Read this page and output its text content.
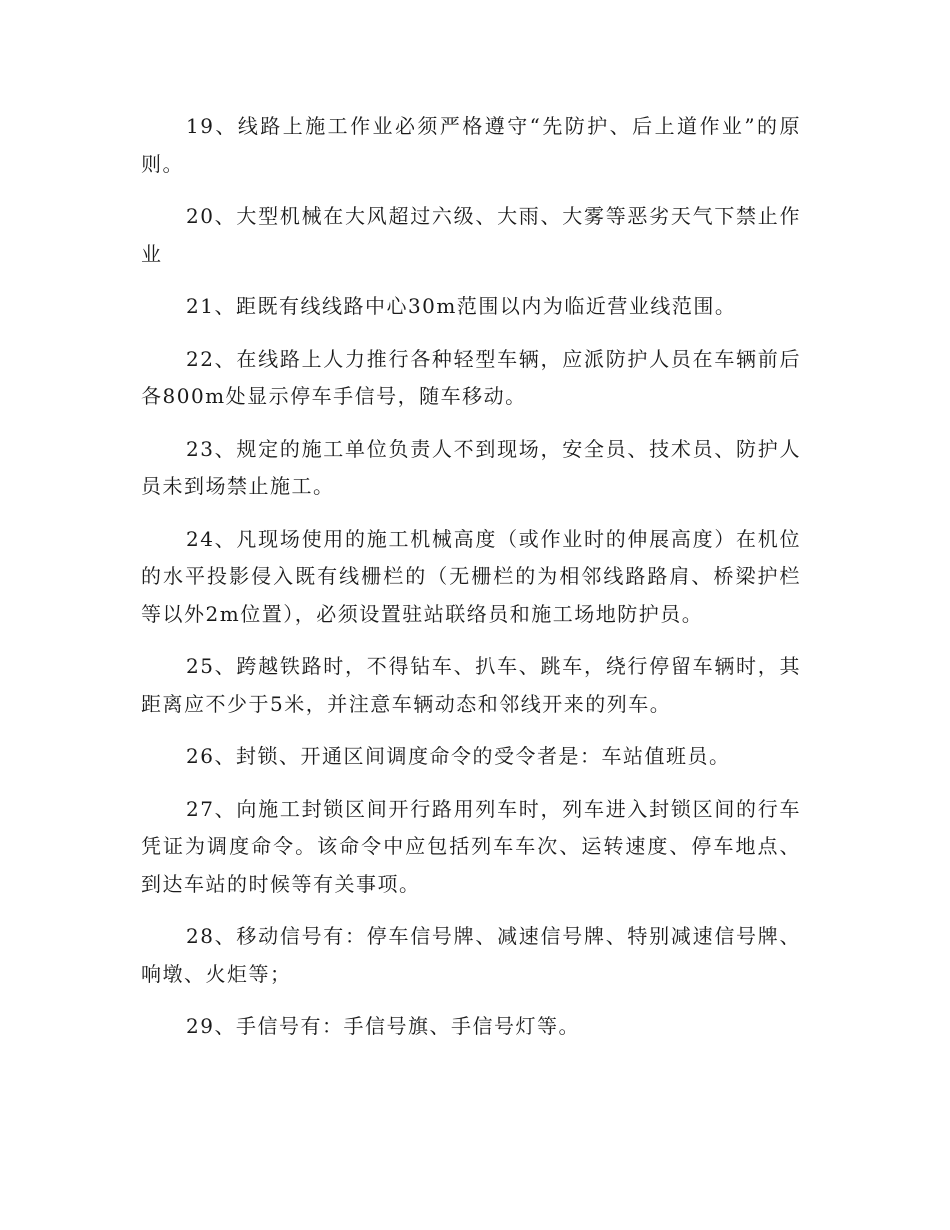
19、线路上施工作业必须严格遵守“先防护、后上道作业”的原则。

20、大型机械在大风超过六级、大雨、大雾等恶劣天气下禁止作业

21、距既有线线路中心30m范围以内为临近营业线范围。

22、在线路上人力推行各种轻型车辆，应派防护人员在车辆前后各800m处显示停车手信号，随车移动。

23、规定的施工单位负责人不到现场，安全员、技术员、防护人员未到场禁止施工。

24、凡现场使用的施工机械高度（或作业时的伸展高度）在机位的水平投影侵入既有线栅栏的（无栅栏的为相邻线路路肩、桥梁护栏等以外2m位置），必须设置驻站联络员和施工场地防护员。

25、跨越铁路时，不得钻车、扒车、跳车，绕行停留车辆时，其距离应不少于5米，并注意车辆动态和邻线开来的列车。

26、封锁、开通区间调度命令的受令者是：车站值班员。

27、向施工封锁区间开行路用列车时，列车进入封锁区间的行车凭证为调度命令。该命令中应包括列车车次、运转速度、停车地点、到达车站的时候等有关事项。

28、移动信号有：停车信号牌、减速信号牌、特别减速信号牌、响墩、火炬等；

29、手信号有：手信号旗、手信号灯等。
